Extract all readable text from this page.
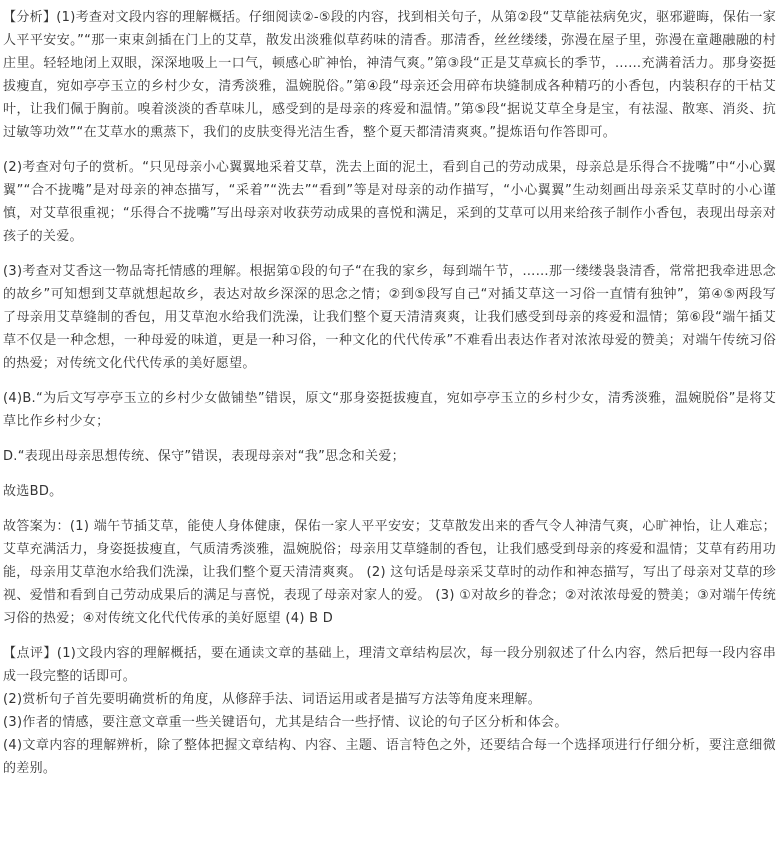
【分析】(1)考查对文段内容的理解概括。仔细阅读②-⑤段的内容，找到相关句子，从第②段“艾草能祛病免灾，驱邪避晦，保佑一家人平平安安。”“那一束束剑插在门上的艾草，散发出淡雅似草药味的清香。那清香，丝丝缕缕，弥漫在屋子里，弥漫在童趣融融的村庄里。轻轻地闭上双眼，深深地吸上一口气，顿感心旷神怡，神清气爽。”第③段“正是艾草疯长的季节，……充满着活力。那身姿挺拔瘦直，宛如亭亭玉立的乡村少女，清秀淡雅，温婉脱俗。”第④段“母亲还会用碎布块缝制成各种精巧的小香包，内装积存的干枯艾叶，让我们佩于胸前。嗅着淡淡的香草味儿，感受到的是母亲的疼爱和温情。”第⑤段“据说艾草全身是宝，有祛湿、散寒、消炎、抗过敏等功效”“在艾草水的熏蒸下，我们的皮肤变得光洁生香，整个夏天都清清爽爽。”提炼语句作答即可。

(2)考查对句子的赏析。“只见母亲小心翼翼地采着艾草，洗去上面的泥土，看到自己的劳动成果，母亲总是乐得合不拢嘴”中“小心翼翼”“合不拢嘴”是对母亲的神态描写，“采着”“洗去”“看到”等是对母亲的动作描写，“小心翼翼”生动刻画出母亲采艾草时的小心谨慎，对艾草很重视；“乐得合不拢嘴”写出母亲对收获劳动成果的喜悦和满足，采到的艾草可以用来给孩子制作小香包，表现出母亲对孩子的关爱。

(3)考查对艾香这一物品寄托情感的理解。根据第①段的句子“在我的家乡，每到端午节，……那一缕缕袅袅清香，常常把我牵进思念的故乡”可知想到艾草就想起故乡，表达对故乡深深的思念之情；②到⑤段写自己“对插艾草这一习俗一直情有独钟”，第④⑤两段写了母亲用艾草缝制的香包，用艾草泡水给我们洗澡，让我们整个夏天清清爽爽，让我们感受到母亲的疼爱和温情；第⑥段“端午插艾草不仅是一种念想，一种母爱的味道，更是一种习俗，一种文化的代代传承”不难看出表达作者对浓浓母爱的赞美；对端午传统习俗的热爱；对传统文化代代传承的美好愿望。

(4)B.“为后文写亭亭玉立的乡村少女做铺垫”错误，原文“那身姿挺拔瘦直，宛如亭亭玉立的乡村少女，清秀淡雅，温婉脱俗”是将艾草比作乡村少女；

D.“表现出母亲思想传统、保守”错误，表现母亲对“我”思念和关爱；

故选BD。

故答案为：(1) 端午节插艾草，能使人身体健康，保佑一家人平平安安；艾草散发出来的香气令人神清气爽，心旷神怡，让人难忘；艾草充满活力，身姿挺拔瘦直，气质清秀淡雅，温婉脱俗；母亲用艾草缝制的香包，让我们感受到母亲的疼爱和温情；艾草有药用功能，母亲用艾草泡水给我们洗澡，让我们整个夏天清清爽爽。 (2) 这句话是母亲采艾草时的动作和神态描写，写出了母亲对艾草的珍视、爱惜和看到自己劳动成果后的满足与喜悦，表现了母亲对家人的爱。 (3) ①对故乡的眷念；②对浓浓母爱的赞美；③对端午传统习俗的热爱；④对传统文化代代传承的美好愿望 (4) B D

【点评】(1)文段内容的理解概括，要在通读文章的基础上，理清文章结构层次，每一段分别叙述了什么内容，然后把每一段内容串成一段完整的话即可。

(2)赏析句子首先要明确赏析的角度，从修辞手法、词语运用或者是描写方法等角度来理解。

(3)作者的情感，要注意文章重一些关键语句，尤其是结合一些抒情、议论的句子区分析和体会。

(4)文章内容的理解辨析，除了整体把握文章结构、内容、主题、语言特色之外，还要结合每一个选择项进行仔细分析，要注意细微的差别。
